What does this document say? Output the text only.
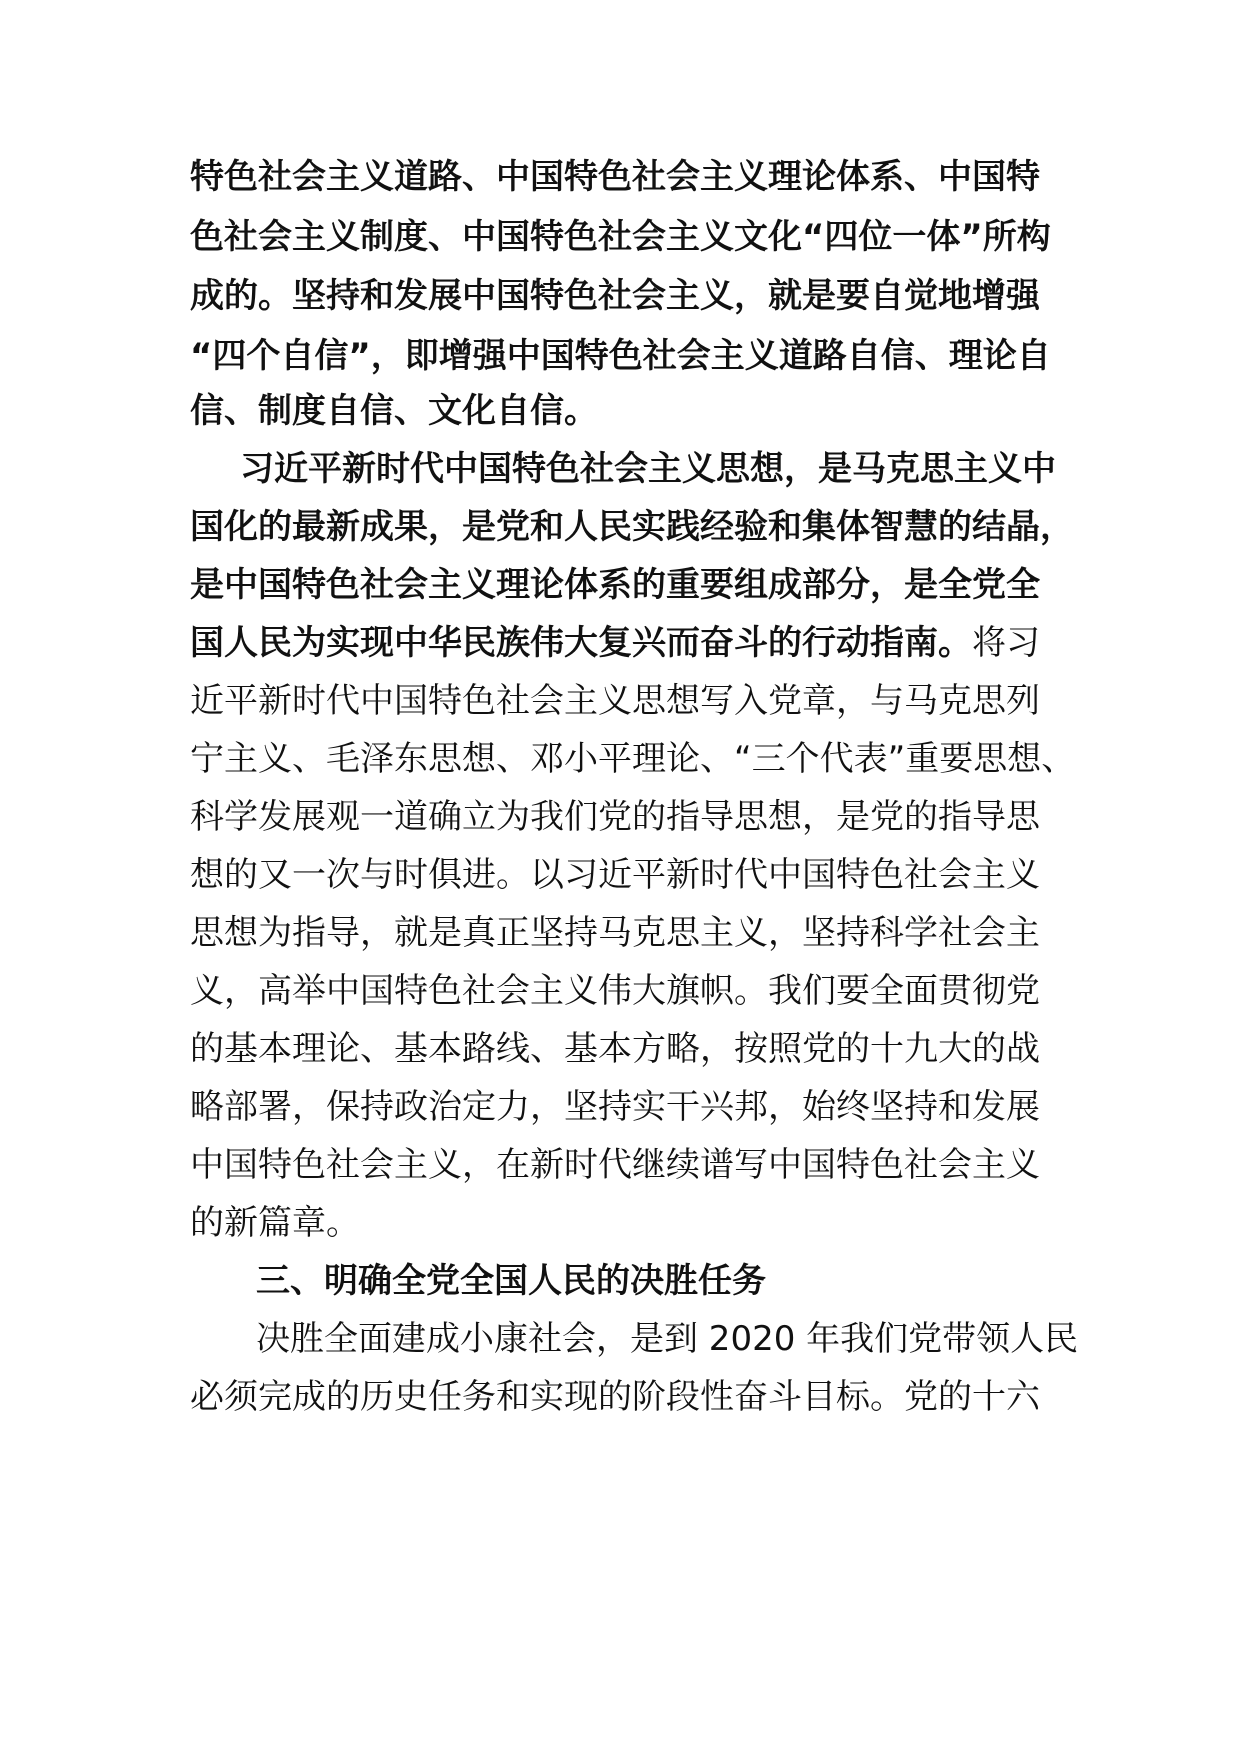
特色社会主义道路、中国特色社会主义理论体系、中国特

色社会主义制度、中国特色社会主义文化“四位一体”所构

成的。坚持和发展中国特色社会主义，就是要自觉地增强

“四个自信”，即增强中国特色社会主义道路自信、理论自

信、制度自信、文化自信。

习近平新时代中国特色社会主义思想，是马克思主义中

国化的最新成果，是党和人民实践经验和集体智慧的结晶，

是中国特色社会主义理论体系的重要组成部分，是全党全

国人民为实现中华民族伟大复兴而奋斗的行动指南。将习

近平新时代中国特色社会主义思想写入党章，与马克思列

宁主义、毛泽东思想、邓小平理论、“三个代表”重要思想、

科学发展观一道确立为我们党的指导思想，是党的指导思

想的又一次与时俱进。以习近平新时代中国特色社会主义

思想为指导，就是真正坚持马克思主义，坚持科学社会主

义，高举中国特色社会主义伟大旗帜。我们要全面贯彻党

的基本理论、基本路线、基本方略，按照党的十九大的战

略部署，保持政治定力，坚持实干兴邦，始终坚持和发展

中国特色社会主义，在新时代继续谱写中国特色社会主义

的新篇章。

三、明确全党全国人民的决胜任务

决胜全面建成小康社会，是到 2020 年我们党带领人民

必须完成的历史任务和实现的阶段性奋斗目标。党的十六
